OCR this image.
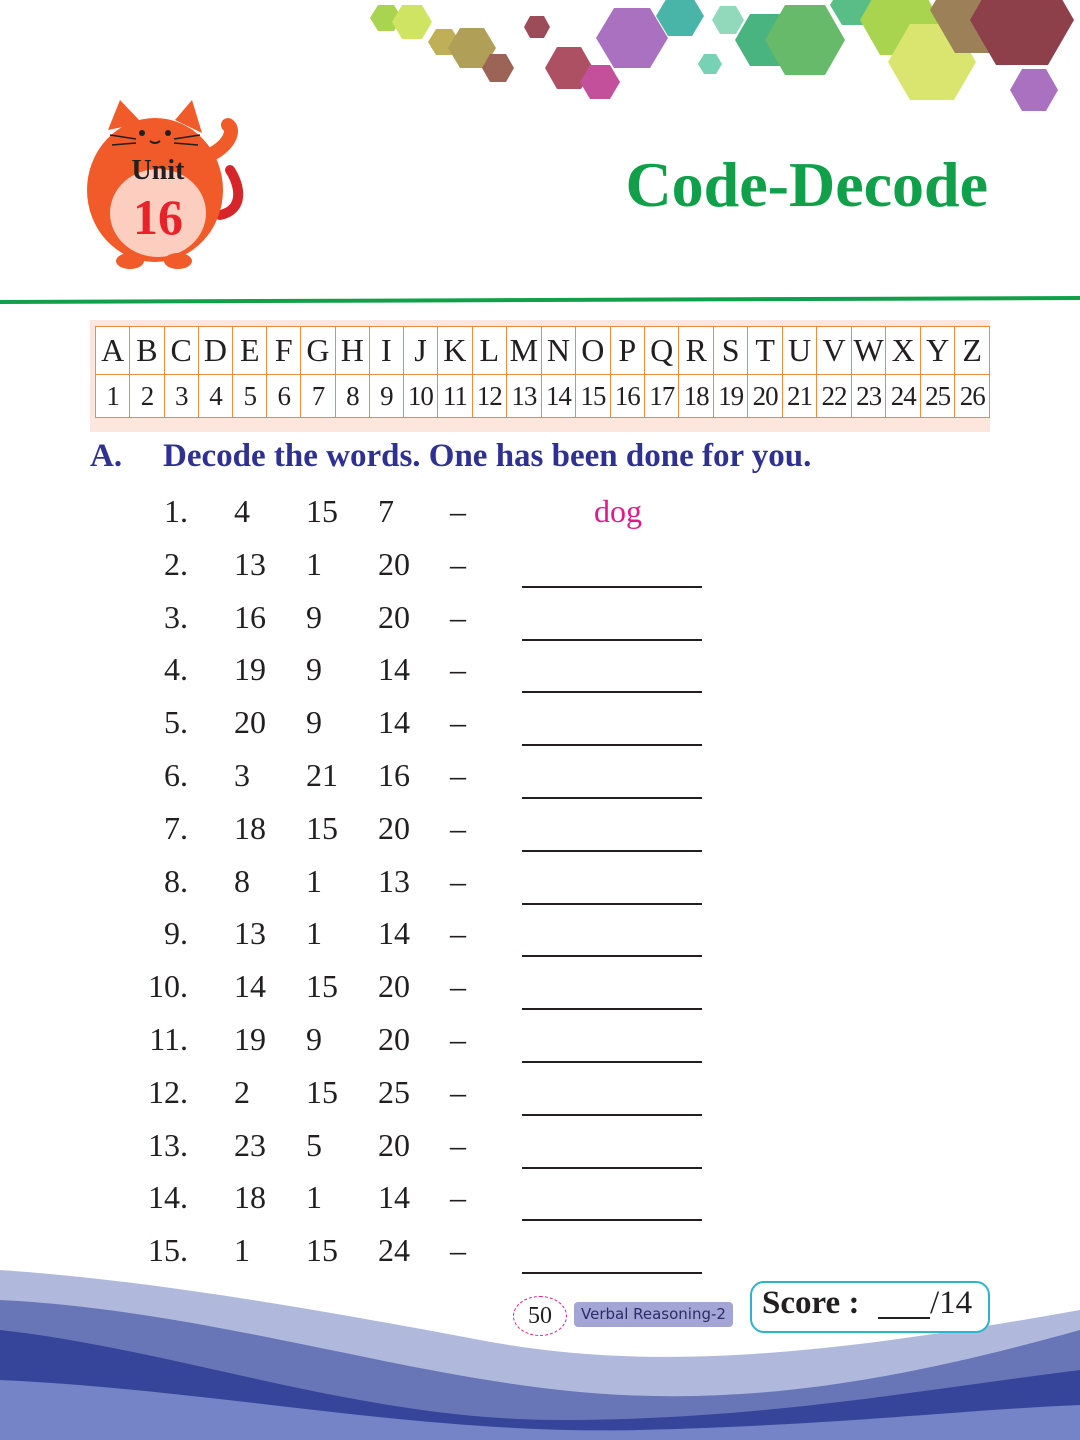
Unit
16	Code-Decode
A	B	C	D	E	F	G	H	I	J	K	L	M	N	O	P	Q	R	S	T	U	V	W	X	Y	Z
1	2	3	4	5	6	7	8	9	10	11	12	13	14	15	16	17	18	19	20	21	22	23	24	25	26
A. Decode the words. One has been done for you.
1. 4 15 7 –	dog
2. 13 1 20 –
3. 16 9 20 –
4. 19 9 14 –
5. 20 9 14 –
6. 3 21 16 –
7. 18 15 20 –
8. 8 1 13 –
9. 13 1 14 –
10. 14 15 20 –
11. 19 9 20 –
12. 2 15 25 –
13. 23 5 20 –
14. 18 1 14 –
15. 1 15 24 –
50	Verbal Reasoning-2 Score : /14
